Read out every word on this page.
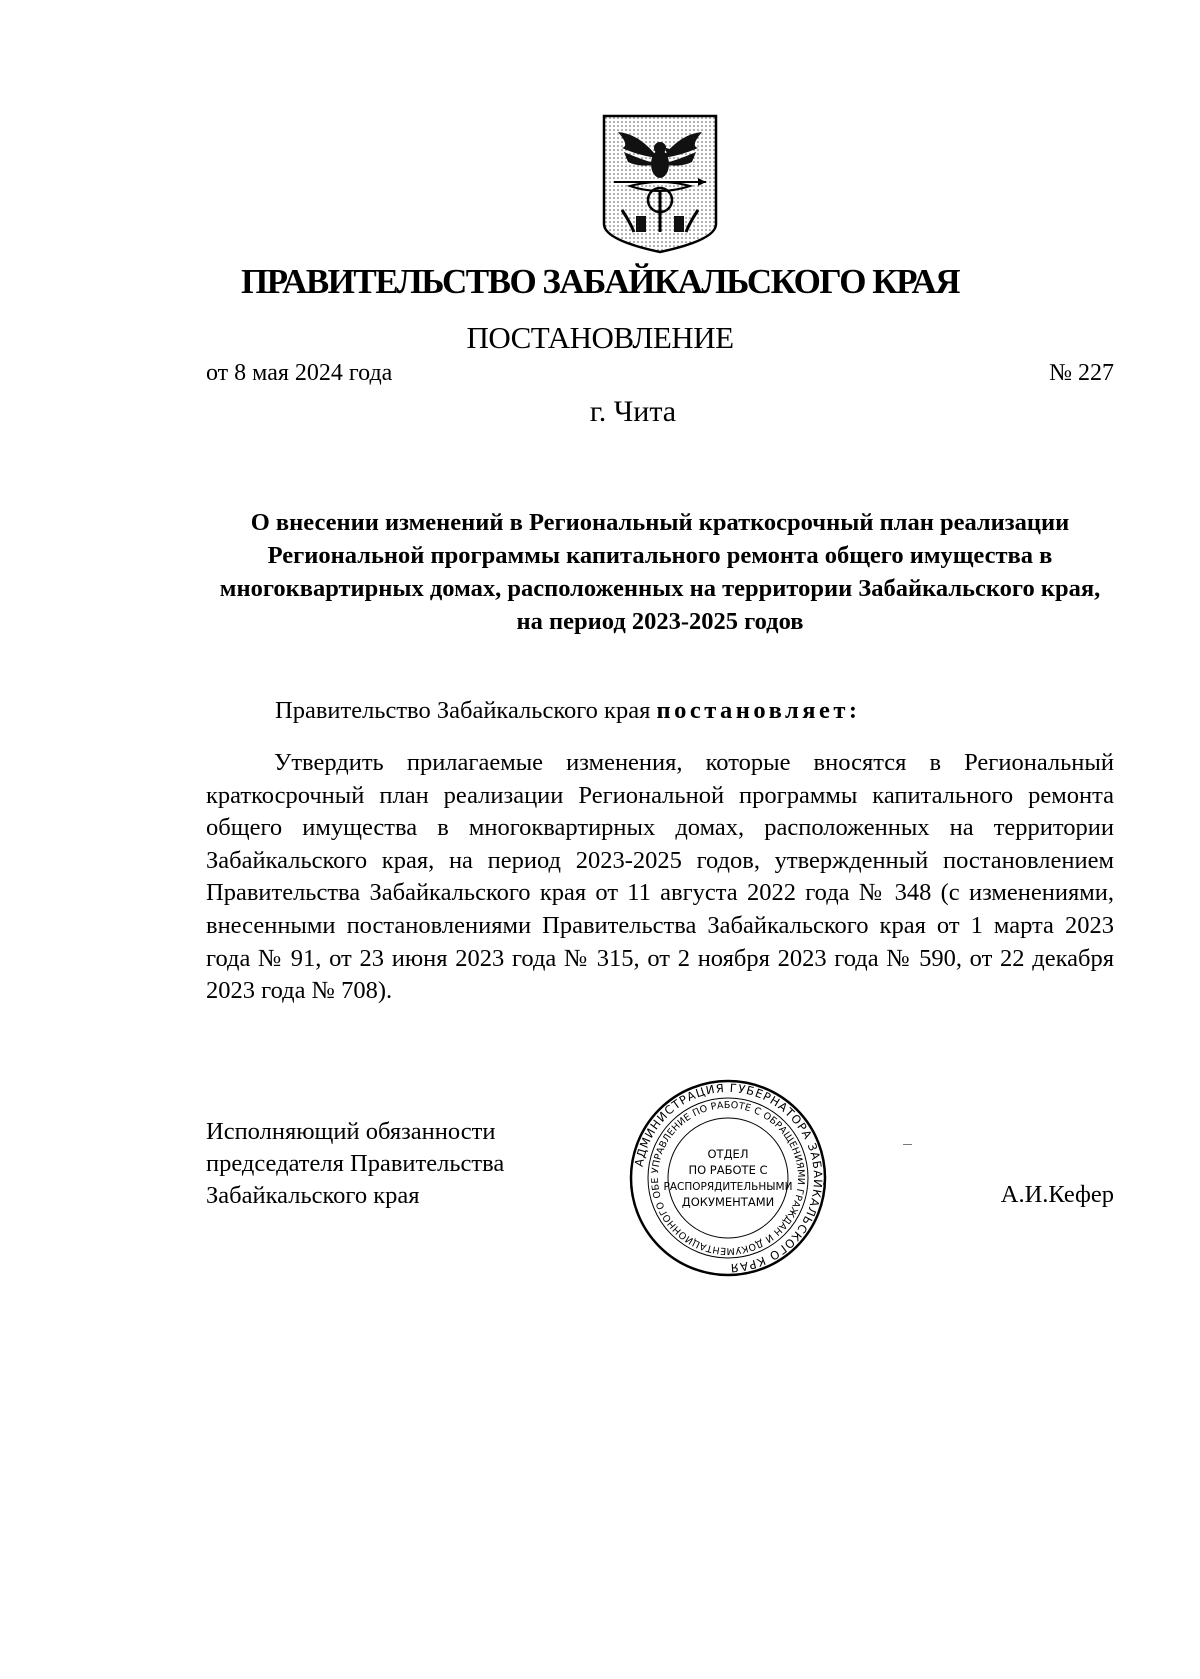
ПРАВИТЕЛЬСТВО ЗАБАЙКАЛЬСКОГО КРАЯ
ПОСТАНОВЛЕНИЕ
от 8 мая 2024 года	№ 227
г. Чита
О внесении изменений в Региональный краткосрочный план реализации Региональной программы капитального ремонта общего имущества в многоквартирных домах, расположенных на территории Забайкальского края, на период 2023-2025 годов
Правительство Забайкальского края постановляет:
Утвердить прилагаемые изменения, которые вносятся в Региональный краткосрочный план реализации Региональной программы капитального ремонта общего имущества в многоквартирных домах, расположенных на территории Забайкальского края, на период 2023-2025 годов, утвержденный постановлением Правительства Забайкальского края от 11 августа 2022 года № 348 (с изменениями, внесенными постановлениями Правительства Забайкальского края от 1 марта 2023 года № 91, от 23 июня 2023 года № 315, от 2 ноября 2023 года № 590, от 22 декабря 2023 года № 708).
Исполняющий обязанности
председателя Правительства
Забайкальского края	А.И.Кефер
АДМИНИСТРАЦИЯ ГУБЕРНАТОРА ЗАБАЙКАЛЬСКОГО КРАЯ
УПРАВЛЕНИЕ ПО РАБОТЕ С ОБРАЩЕНИЯМИ ГРАЖДАН И ДОКУМЕНТАЦИОННОГО ОБЕ
ОТДЕЛ
ПО РАБОТЕ С
РАСПОРЯДИТЕЛЬНЫМИ
ДОКУМЕНТАМИ
